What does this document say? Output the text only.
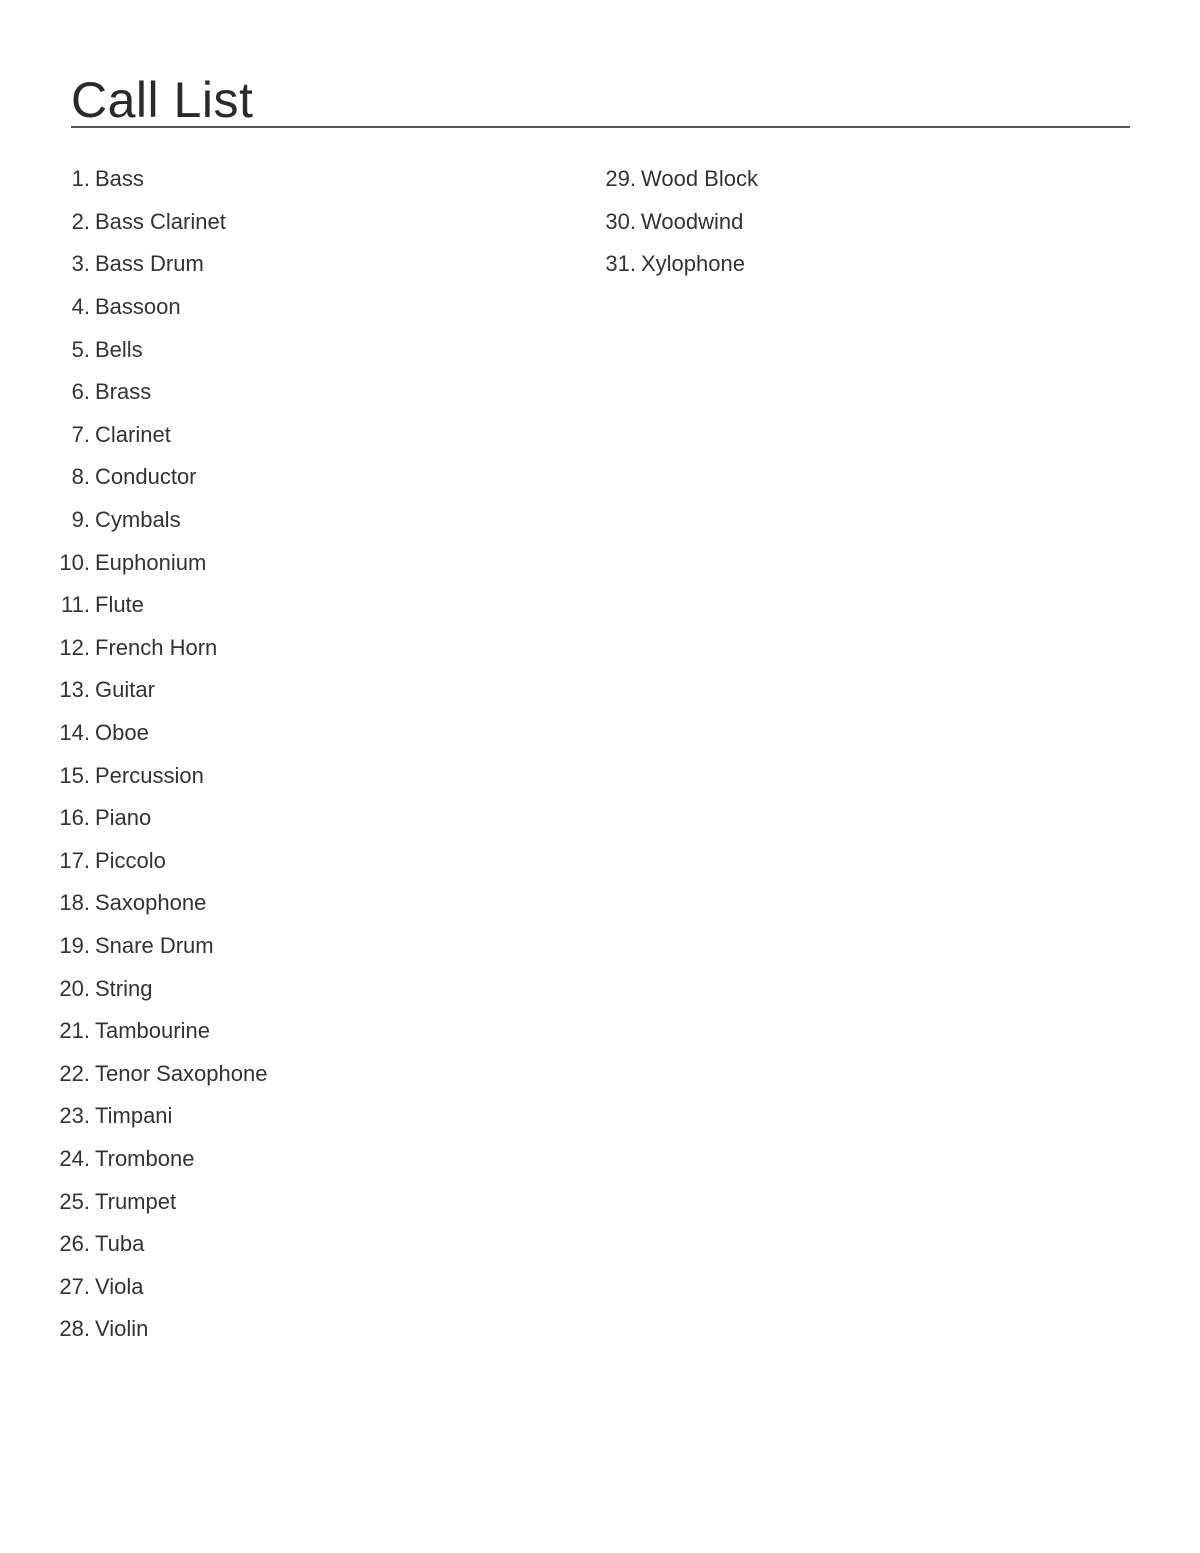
Call List
1. Bass
2. Bass Clarinet
3. Bass Drum
4. Bassoon
5. Bells
6. Brass
7. Clarinet
8. Conductor
9. Cymbals
10. Euphonium
11. Flute
12. French Horn
13. Guitar
14. Oboe
15. Percussion
16. Piano
17. Piccolo
18. Saxophone
19. Snare Drum
20. String
21. Tambourine
22. Tenor Saxophone
23. Timpani
24. Trombone
25. Trumpet
26. Tuba
27. Viola
28. Violin
29. Wood Block
30. Woodwind
31. Xylophone
